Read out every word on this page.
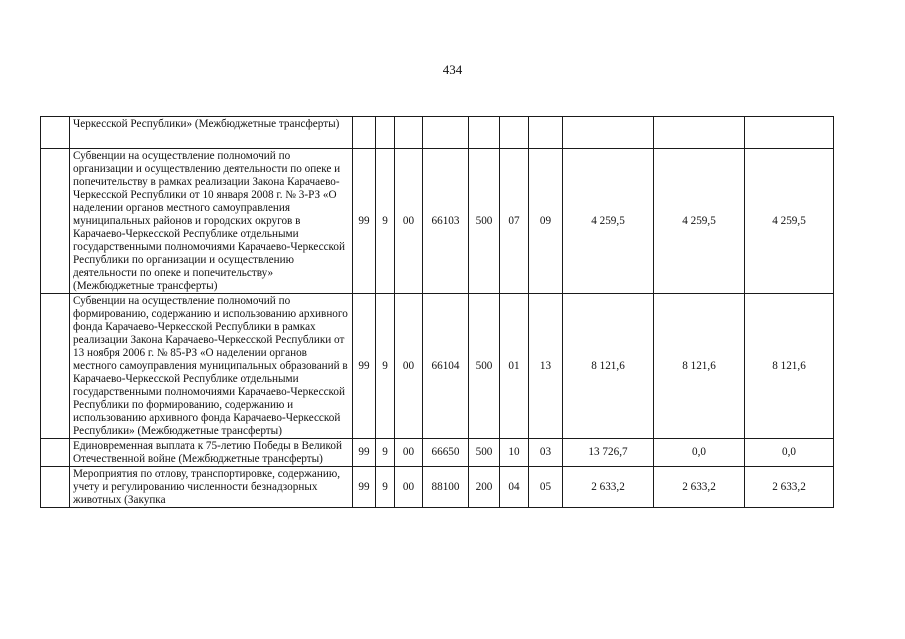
434
	Черкесской Республики» (Межбюджетные трансферты)										
	Субвенции на осуществление полномочий по организации и осуществлению деятельности по опеке и попечительству в рамках реализации Закона Карачаево-Черкесской Республики от 10 января 2008 г. № 3-РЗ «О наделении органов местного самоуправления муниципальных районов и городских округов в Карачаево-Черкесской Республике отдельными государственными полномочиями Карачаево-Черкесской Республики по организации и осуществлению деятельности по опеке и попечительству» (Межбюджетные трансферты)	99	9	00	66103	500	07	09	4 259,5	4 259,5	4 259,5
	Субвенции на осуществление полномочий по формированию, содержанию и использованию архивного фонда Карачаево-Черкесской Республики в рамках реализации Закона Карачаево-Черкесской Республики от 13 ноября 2006 г. № 85-РЗ «О наделении органов местного самоуправления муниципальных образований в Карачаево-Черкесской Республике отдельными государственными полномочиями Карачаево-Черкесской Республики по формированию, содержанию и использованию архивного фонда Карачаево-Черкесской Республики» (Межбюджетные трансферты)	99	9	00	66104	500	01	13	8 121,6	8 121,6	8 121,6
	Единовременная выплата к 75-летию Победы в Великой Отечественной войне (Межбюджетные трансферты)	99	9	00	66650	500	10	03	13 726,7	0,0	0,0
	Мероприятия по отлову, транспортировке, содержанию, учету и регулированию численности безнадзорных животных (Закупка	99	9	00	88100	200	04	05	2 633,2	2 633,2	2 633,2
